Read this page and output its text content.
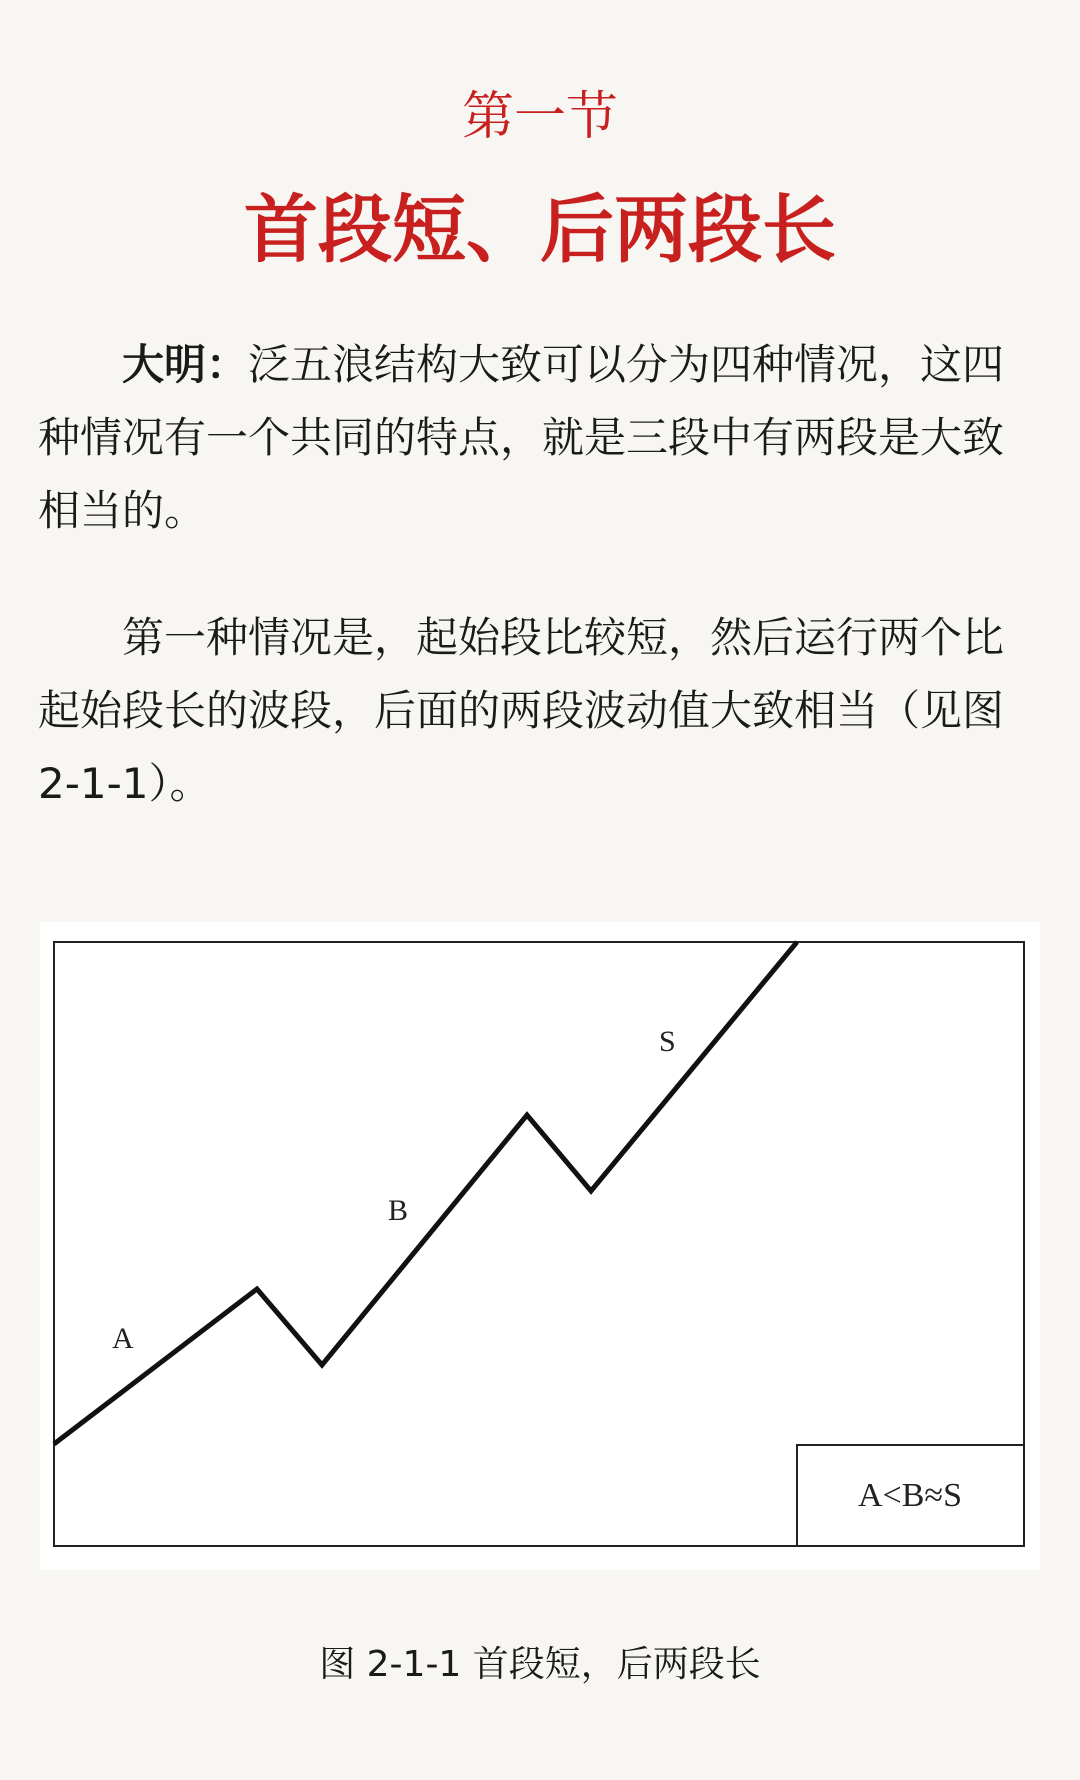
第一节
首段短、后两段长

大明：泛五浪结构大致可以分为四种情况，这四种情况有一个共同的特点，就是三段中有两段是大致相当的。

第一种情况是，起始段比较短，然后运行两个比起始段长的波段，后面的两段波动值大致相当（见图 2-1-1）。

A
B
S
A<B≈S
图 2-1-1 首段短，后两段长
